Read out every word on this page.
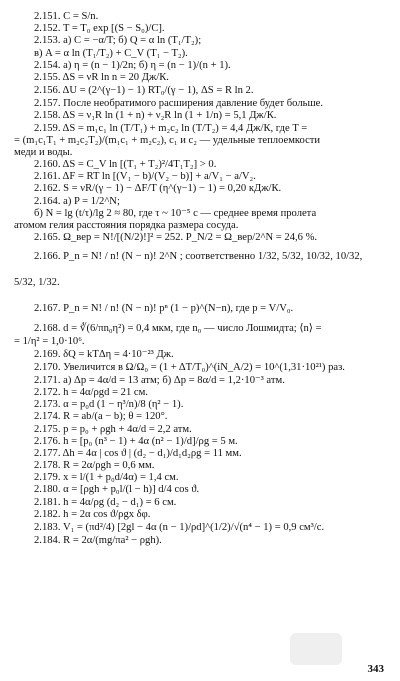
2.151. C = S/n.
2.152. T = T₀ exp [(S − S₀)/C].
2.153. a) C = −α/T; б) Q = α ln (T₁/T₂);
в) A = α ln (T₁/T₂) + C_V (T₁ − T₂).
2.154. a) η = (n − 1)/2n; б) η = (n − 1)/(n + 1).
2.155. ΔS = νR ln n = 20 Дж/К.
2.156. ΔU = (2^(γ−1) − 1) RT₀/(γ − 1), ΔS = R ln 2.
2.157. После необратимого расширения давление будет больше.
2.158. ΔS = ν₁R ln (1 + n) + ν₂R ln (1 + 1/n) = 5,1 Дж/К.
2.159. ΔS = m₁c₁ ln (T/T₁) + m₂c₂ ln (T/T₂) = 4,4 Дж/К, где T =
= (m₁c₁T₁ + m₂c₂T₂)/(m₁c₁ + m₂c₂), c₁ и c₂ — удельные теплоемкости
меди и воды.
2.160. ΔS = C_V ln [(T₁ + T₂)²/4T₁T₂] > 0.
2.161. ΔF = RT ln [(V₁ − b)/(V₂ − b)] + a/V₁ − a/V₂.
2.162. S = νR/(γ − 1) − ΔF/T (η^(γ−1) − 1) = 0,20 кДж/К.
2.164. a) P = 1/2^N;
б) N = lg (t/τ)/lg 2 ≈ 80, где τ ~ 10⁻⁵ c — среднее время пролета
атомом гелия расстояния порядка размера сосуда.
2.165. Ω_вер = N!/[(N/2)!]² = 252. P_N/2 = Ω_вер/2^N = 24,6 %.
2.166. P_n = N! / n! (N − n)! 2^N ; соответственно 1/32, 5/32, 10/32, 10/32,
5/32, 1/32.
2.167. P_n = N! / n! (N − n)! pⁿ (1 − p)^(N−n), где p = V/V₀.
2.168. d = ∛(6/πn₀η²) = 0,4 мкм, где n₀ — число Лошмидта; ⟨n⟩ =
= 1/η² = 1,0·10⁶.
2.169. δQ = kTΔη = 4·10⁻²³ Дж.
2.170. Увеличится в Ω/Ω₀ = (1 + ΔT/T₀)^(iN_A/2) = 10^(1,31·10²¹) раз.
2.171. a) Δp = 4α/d = 13 атм; б) Δp = 8α/d = 1,2·10⁻³ атм.
2.172. h = 4α/ρgd = 21 см.
2.173. α = p₀d (1 − η³/n)/8 (η² − 1).
2.174. R = ab/(a − b); θ = 120°.
2.175. p = p₀ + ρgh + 4α/d = 2,2 атм.
2.176. h = [p₀ (n³ − 1) + 4α (n² − 1)/d]/ρg = 5 м.
2.177. Δh = 4α | cos ϑ | (d₂ − d₁)/d₁d₂ρg = 11 мм.
2.178. R = 2α/ρgh = 0,6 мм.
2.179. x = l/(1 + p₀d/4α) = 1,4 см.
2.180. α = [ρgh + p₀l/(l − h)] d/4 cos ϑ.
2.181. h = 4α/ρg (d₂ − d₁) = 6 см.
2.182. h = 2α cos ϑ/ρgx δφ.
2.183. V₁ = (πd²/4) [2gl − 4α (n − 1)/ρd]^(1/2)/√(n⁴ − 1) = 0,9 см³/с.
2.184. R = 2α/(mg/πa² − ρgh).
343
